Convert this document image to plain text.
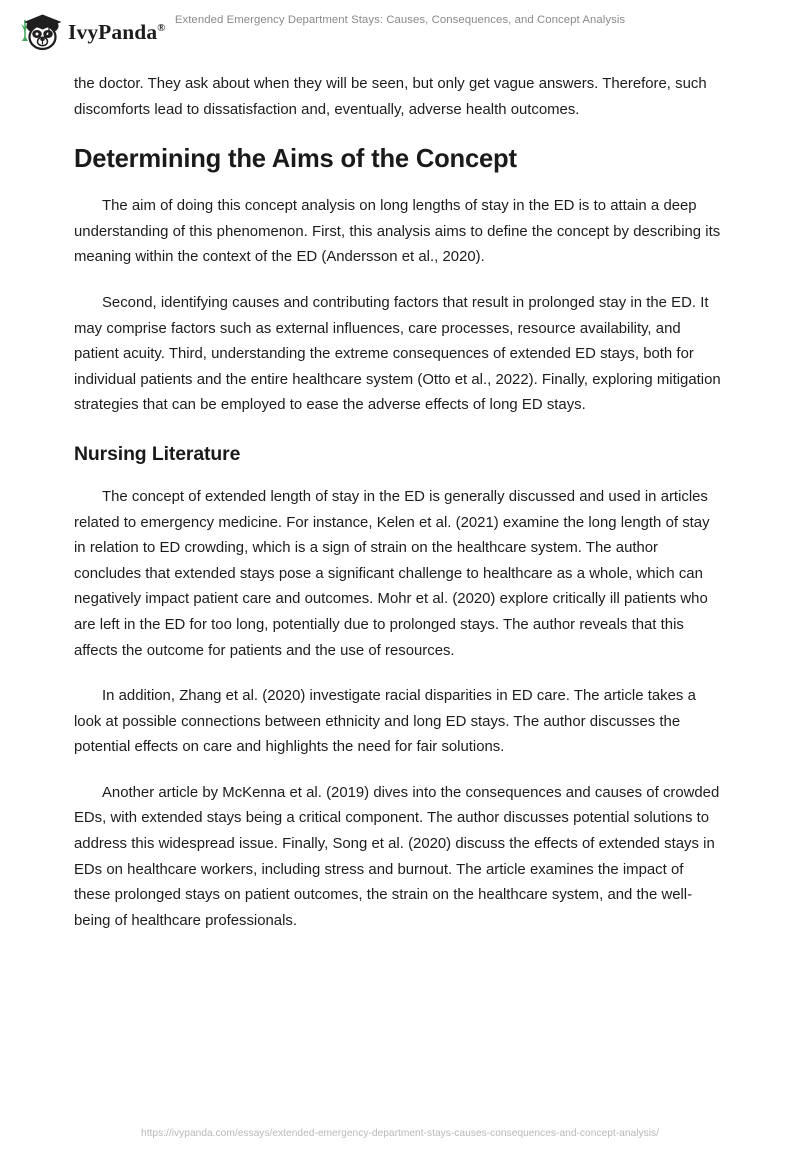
IvyPanda®
Extended Emergency Department Stays: Causes, Consequences, and Concept Analysis

the doctor. They ask about when they will be seen, but only get vague answers. Therefore, such discomforts lead to dissatisfaction and, eventually, adverse health outcomes.

Determining the Aims of the Concept

The aim of doing this concept analysis on long lengths of stay in the ED is to attain a deep understanding of this phenomenon. First, this analysis aims to define the concept by describing its meaning within the context of the ED (Andersson et al., 2020).

Second, identifying causes and contributing factors that result in prolonged stay in the ED. It may comprise factors such as external influences, care processes, resource availability, and patient acuity. Third, understanding the extreme consequences of extended ED stays, both for individual patients and the entire healthcare system (Otto et al., 2022). Finally, exploring mitigation strategies that can be employed to ease the adverse effects of long ED stays.

Nursing Literature

The concept of extended length of stay in the ED is generally discussed and used in articles related to emergency medicine. For instance, Kelen et al. (2021) examine the long length of stay in relation to ED crowding, which is a sign of strain on the healthcare system. The author concludes that extended stays pose a significant challenge to healthcare as a whole, which can negatively impact patient care and outcomes. Mohr et al. (2020) explore critically ill patients who are left in the ED for too long, potentially due to prolonged stays. The author reveals that this affects the outcome for patients and the use of resources.

In addition, Zhang et al. (2020) investigate racial disparities in ED care. The article takes a look at possible connections between ethnicity and long ED stays. The author discusses the potential effects on care and highlights the need for fair solutions.

Another article by McKenna et al. (2019) dives into the consequences and causes of crowded EDs, with extended stays being a critical component. The author discusses potential solutions to address this widespread issue. Finally, Song et al. (2020) discuss the effects of extended stays in EDs on healthcare workers, including stress and burnout. The article examines the impact of these prolonged stays on patient outcomes, the strain on the healthcare system, and the well-being of healthcare professionals.

https://ivypanda.com/essays/extended-emergency-department-stays-causes-consequences-and-concept-analysis/
